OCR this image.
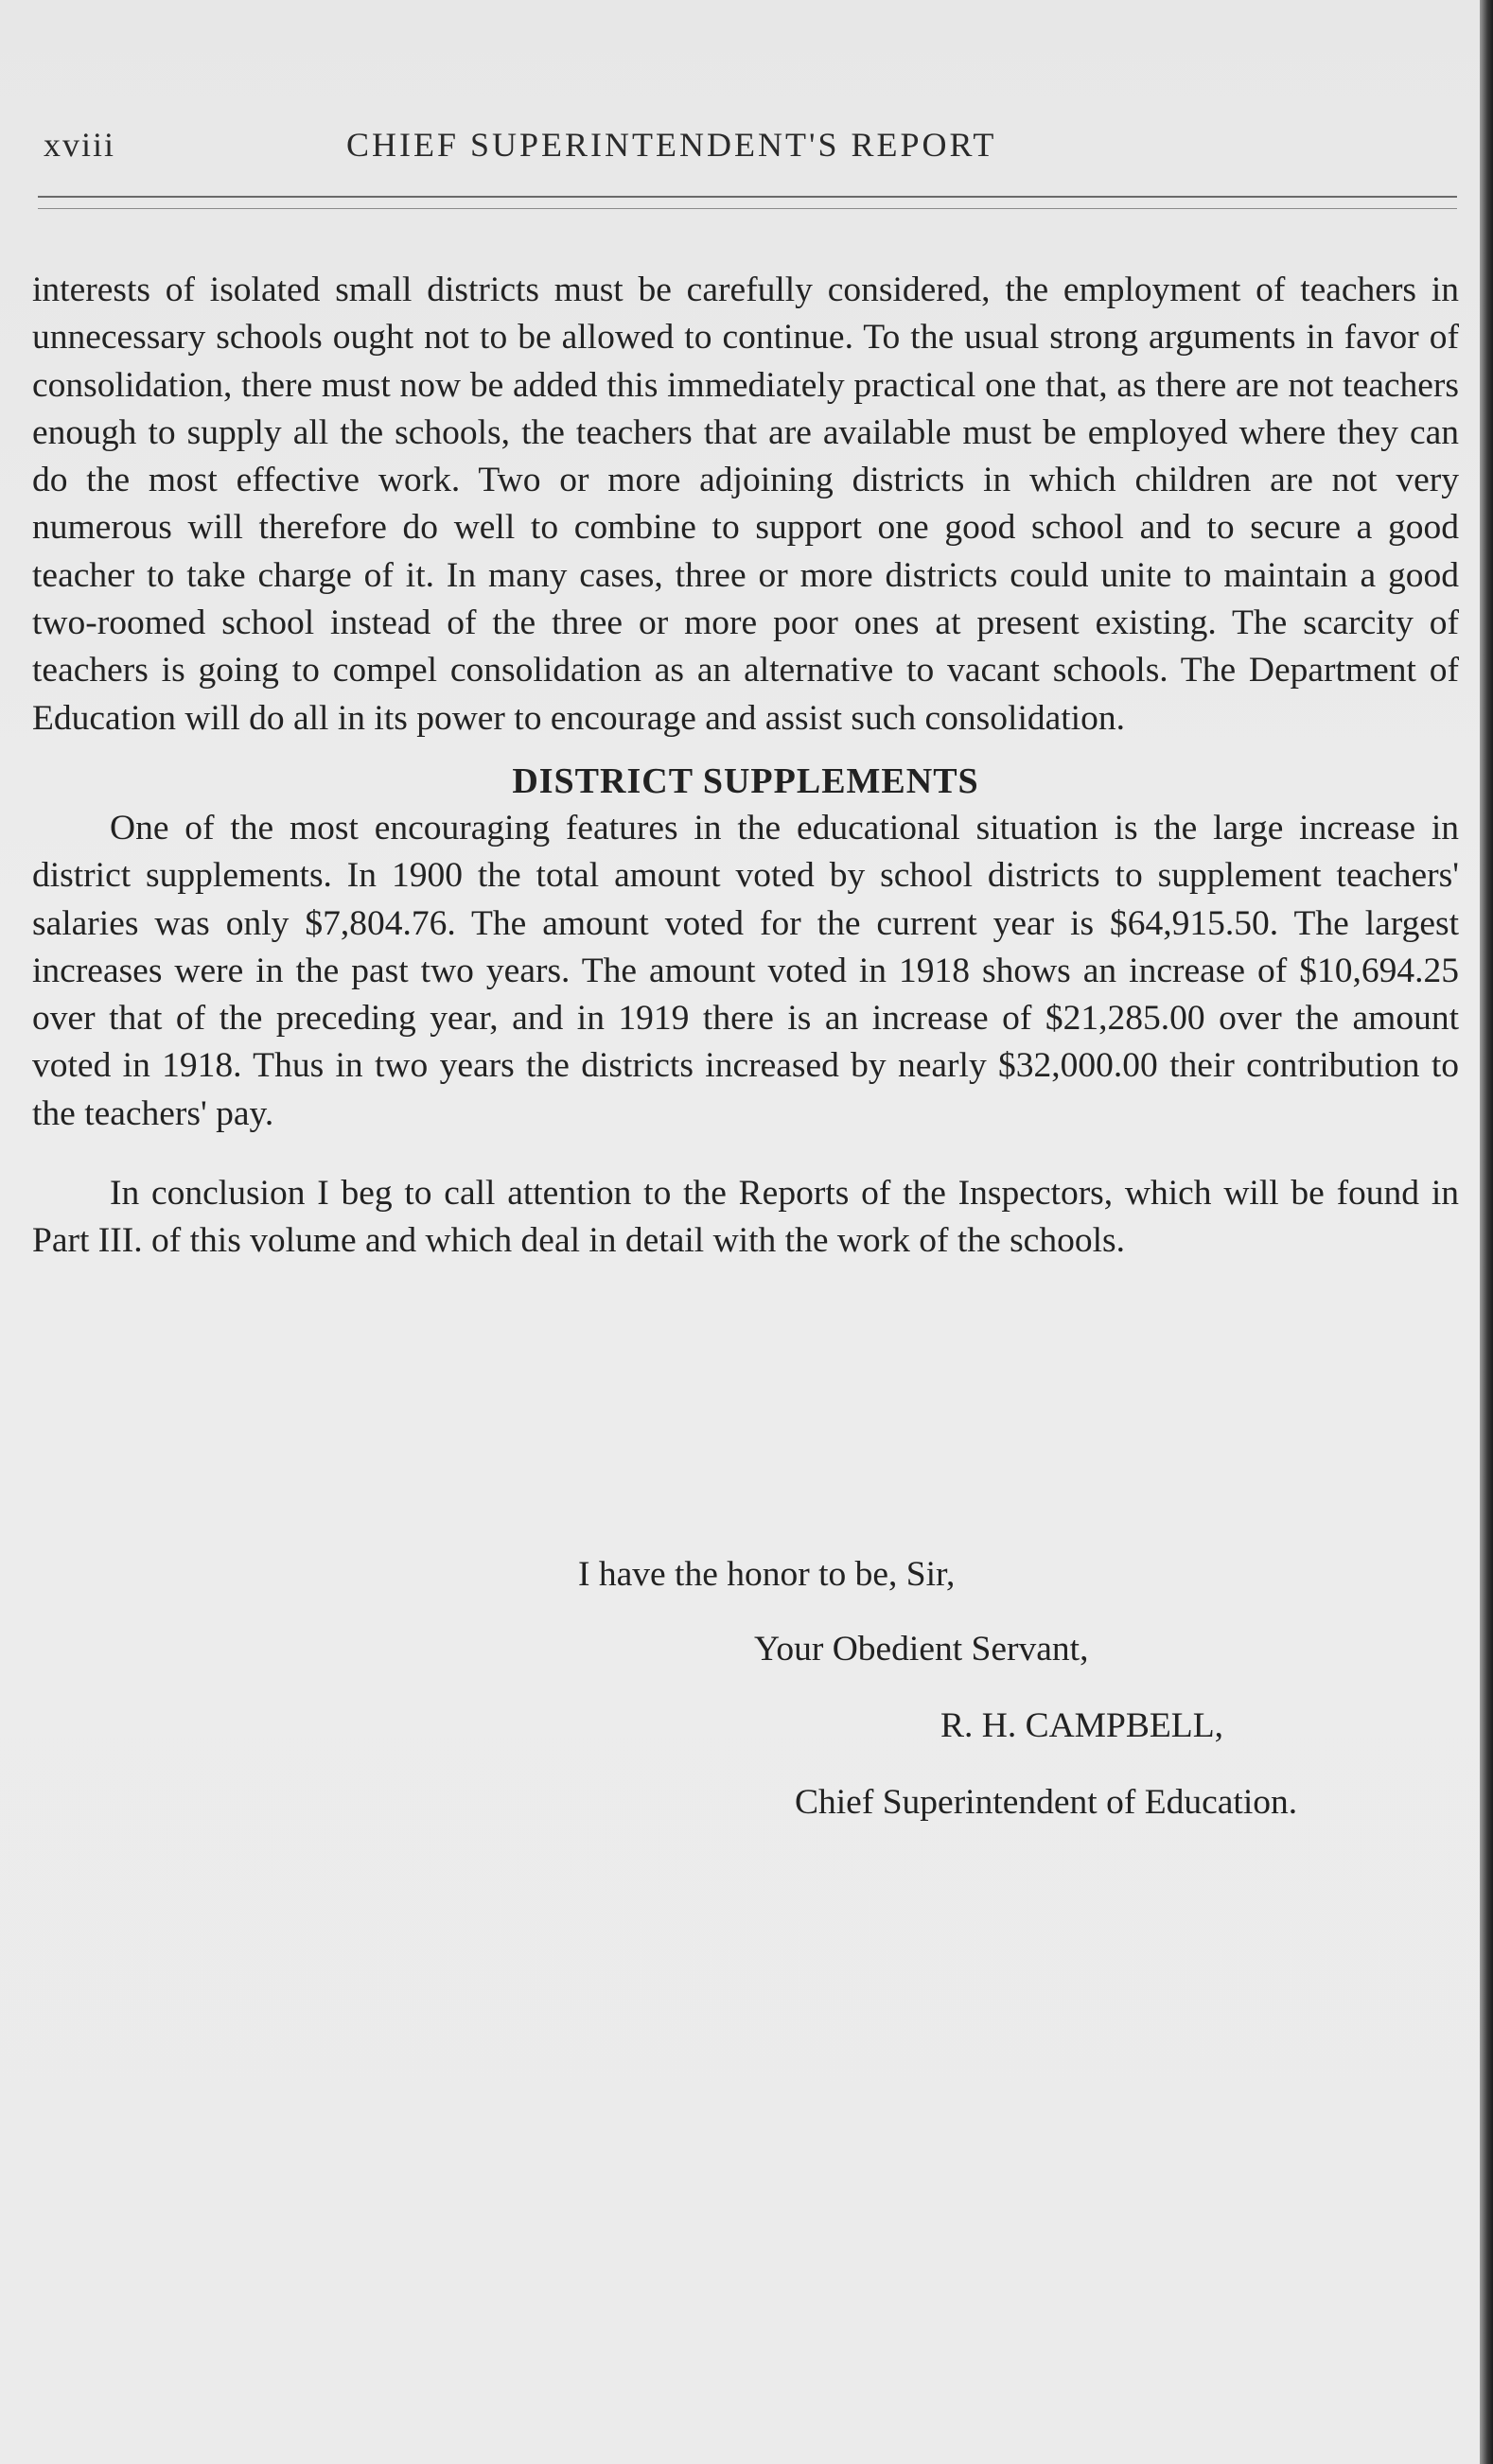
xviii	CHIEF SUPERINTENDENT'S REPORT

interests of isolated small districts must be carefully considered, the employment of teachers in unnecessary schools ought not to be allowed to continue. To the usual strong arguments in favor of consolidation, there must now be added this immediately practical one that, as there are not teachers enough to supply all the schools, the teachers that are available must be employed where they can do the most effective work. Two or more adjoining districts in which children are not very numerous will therefore do well to combine to support one good school and to secure a good teacher to take charge of it. In many cases, three or more districts could unite to maintain a good two-roomed school instead of the three or more poor ones at present existing. The scarcity of teachers is going to compel consolidation as an alternative to vacant schools. The Department of Education will do all in its power to encourage and assist such consolidation.

DISTRICT SUPPLEMENTS

One of the most encouraging features in the educational situation is the large increase in district supplements. In 1900 the total amount voted by school districts to supplement teachers' salaries was only $7,804.76. The amount voted for the current year is $64,915.50. The largest increases were in the past two years. The amount voted in 1918 shows an increase of $10,694.25 over that of the preceding year, and in 1919 there is an increase of $21,285.00 over the amount voted in 1918. Thus in two years the districts increased by nearly $32,000.00 their contribution to the teachers' pay.

In conclusion I beg to call attention to the Reports of the Inspectors, which will be found in Part III. of this volume and which deal in detail with the work of the schools.

I have the honor to be, Sir,
Your Obedient Servant,
R. H. CAMPBELL,
Chief Superintendent of Education.
